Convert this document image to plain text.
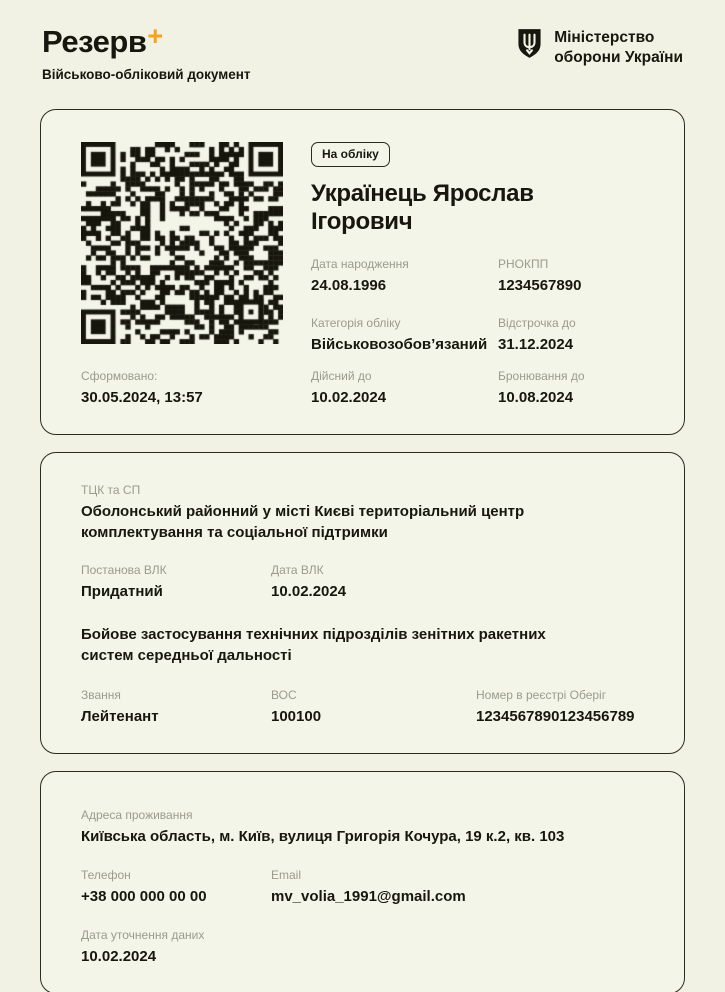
Резерв +
Військово-обліковий документ
Міністерство
оборони України
На обліку
Українець Ярослав Ігорович
Дата народження
24.08.1996
РНОКПП
1234567890
Категорія обліку
Військовозобов’язаний
Відстрочка до
31.12.2024
Сформовано:
30.05.2024, 13:57
Дійсний до
10.02.2024
Бронювання до
10.08.2024
ТЦК та СП
Оболонський районний у місті Києві територіальний центр комплектування та соціальної підтримки
Постанова ВЛК
Придатний
Дата ВЛК
10.02.2024
Бойове застосування технічних підрозділів зенітних ракетних систем середньої дальності
Звання
Лейтенант
ВОС
100100
Номер в реєстрі Оберіг
1234567890123456789
Адреса проживання
Київська область, м. Київ, вулиця Григорія Кочура, 19 к.2, кв. 103
Телефон
+38 000 000 00 00
Email
mv_volia_1991@gmail.com
Дата уточнення даних
10.02.2024
